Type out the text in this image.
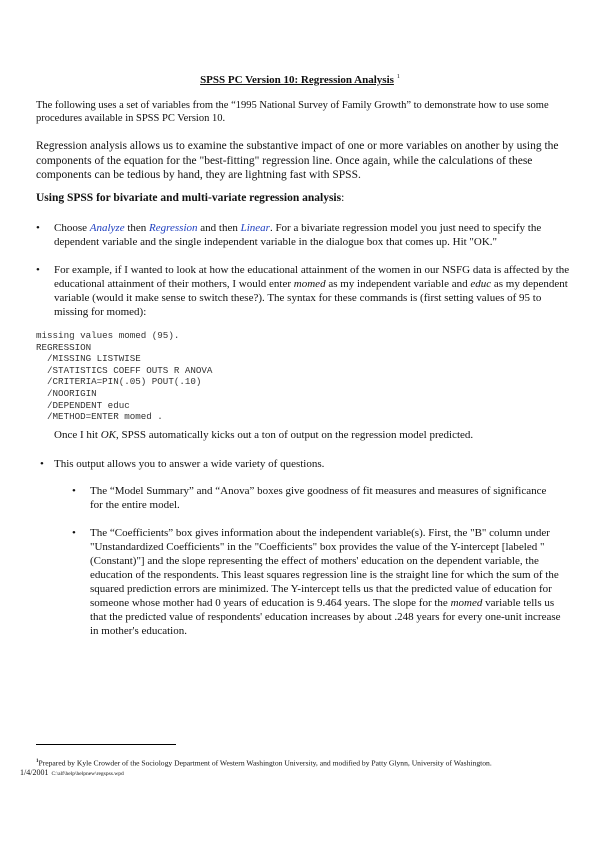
SPSS PC Version 10: Regression Analysis $^1$

The following uses a set of variables from the “1995 National Survey of Family Growth” to demonstrate how to use some procedures available in SPSS PC Version 10.

Regression analysis allows us to examine the substantive impact of one or more variables on another by using the components of the equation for the "best-fitting" regression line. Once again, while the calculations of these components can be tedious by hand, they are lightning fast with SPSS.

Using SPSS for bivariate and multi-variate regression analysis:
• Choose Analyze then Regression and then Linear. For a bivariate regression model you just need to specify the dependent variable and the single independent variable in the dialogue box that comes up. Hit "OK."

• For example, if I wanted to look at how the educational attainment of the women in our NSFG data is affected by the educational attainment of their mothers, I would enter momed as my independent variable and educ as my dependent variable (would it make sense to switch these?). The syntax for these commands is (first setting values of 95 to missing for momed):

missing values momed (95).
REGRESSION
/MISSING LISTWISE
/STATISTICS COEFF OUTS R ANOVA
/CRITERIA=PIN(.05) POUT(.10)
/NOORIGIN
/DEPENDENT educ
/METHOD=ENTER momed .

Once I hit OK, SPSS automatically kicks out a ton of output on the regression model predicted.

• This output allows you to answer a wide variety of questions.

• The “Model Summary” and “Anova” boxes give goodness of fit measures and measures of significance for the entire model.

• The “Coefficients” box gives information about the independent variable(s). First, the "B" column under "Unstandardized Coefficients" in the "Coefficients" box provides the value of the Y-intercept [labeled "(Constant)"] and the slope representing the effect of mothers' education on the dependent variable, the education of the respondents. This least squares regression line is the straight line for which the sum of the squared prediction errors are minimized. The Y-intercept tells us that the predicted value of education for someone whose mother had 0 years of education is 9.464 years. The slope for the momed variable tells us that the predicted value of respondents' education increases by about .248 years for every one-unit increase in mother's education.

$^1$Prepared by Kyle Crowder of the Sociology Department of Western Washington University, and modified by Patty Glynn, University of Washington.

1/4/2001 C:\alf\help\helpnew\regspss.wpd
